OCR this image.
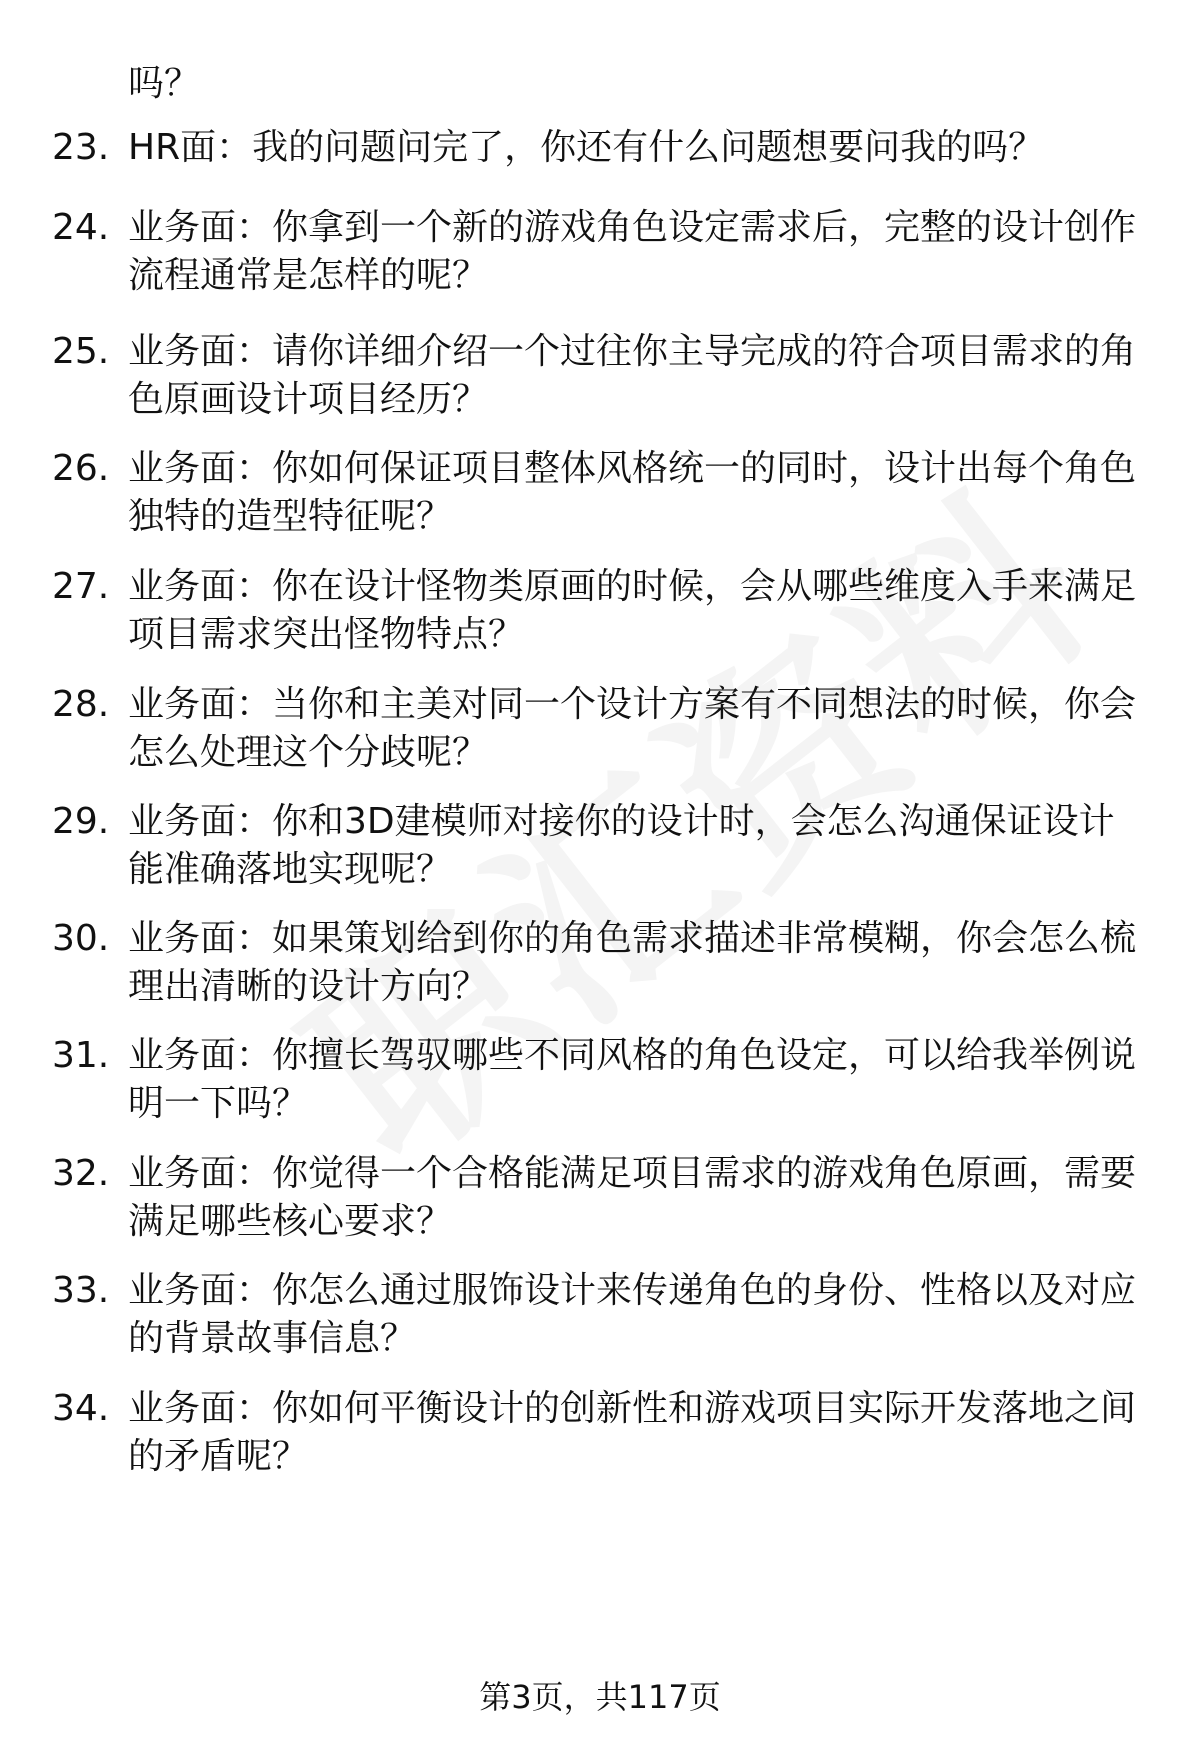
吗？
23. HR面：我的问题问完了，你还有什么问题想要问我的吗？
24. 业务面：你拿到一个新的游戏角色设定需求后，完整的设计创作流程通常是怎样的呢？
25. 业务面：请你详细介绍一个过往你主导完成的符合项目需求的角色原画设计项目经历？
26. 业务面：你如何保证项目整体风格统一的同时，设计出每个角色独特的造型特征呢？
27. 业务面：你在设计怪物类原画的时候，会从哪些维度入手来满足项目需求突出怪物特点？
28. 业务面：当你和主美对同一个设计方案有不同想法的时候，你会怎么处理这个分歧呢？
29. 业务面：你和3D建模师对接你的设计时，会怎么沟通保证设计能准确落地实现呢？
30. 业务面：如果策划给到你的角色需求描述非常模糊，你会怎么梳理出清晰的设计方向？
31. 业务面：你擅长驾驭哪些不同风格的角色设定，可以给我举例说明一下吗？
32. 业务面：你觉得一个合格能满足项目需求的游戏角色原画，需要满足哪些核心要求？
33. 业务面：你怎么通过服饰设计来传递角色的身份、性格以及对应的背景故事信息？
34. 业务面：你如何平衡设计的创新性和游戏项目实际开发落地之间的矛盾呢？
第3页，共117页
